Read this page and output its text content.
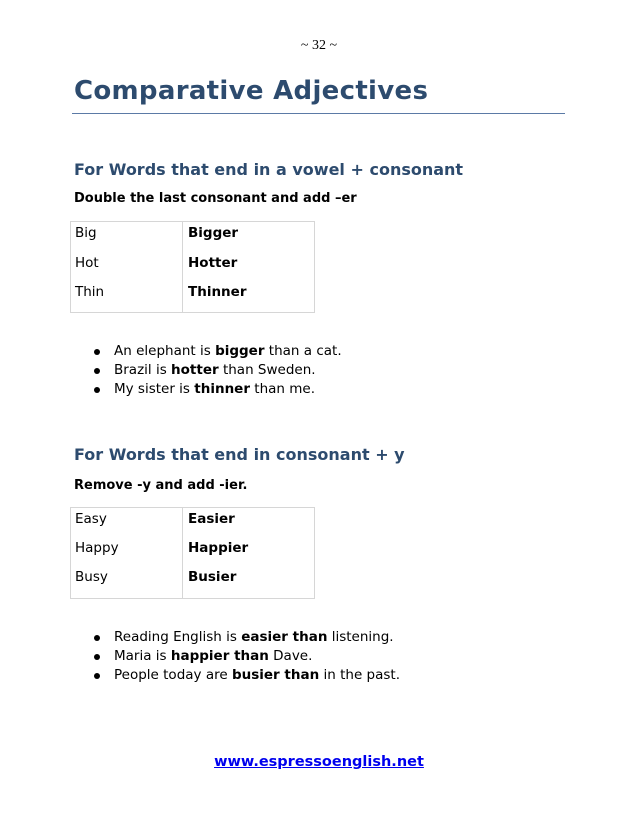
~ 32 ~
Comparative Adjectives
For Words that end in a vowel + consonant

Double the last consonant and add –er

Big	Bigger
Hot	Hotter
Thin	Thinner
An elephant is bigger than a cat.
Brazil is hotter than Sweden.
My sister is thinner than me.
For Words that end in consonant + y

Remove -y and add -ier.

Easy	Easier
Happy	Happier
Busy	Busier
Reading English is easier than listening.
Maria is happier than Dave.
People today are busier than in the past.
www.espressoenglish.net
